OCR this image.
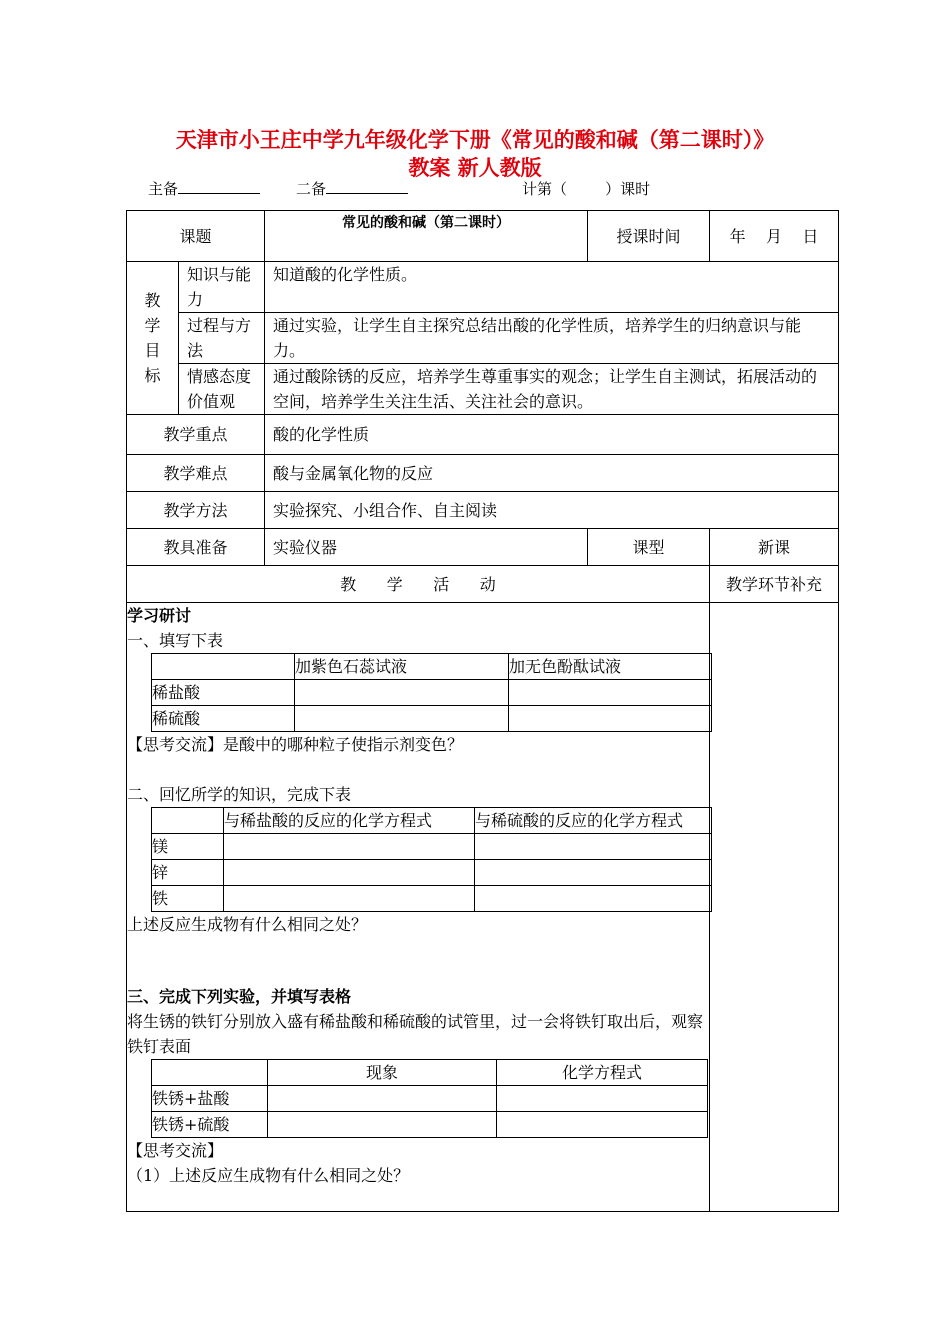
天津市小王庄中学九年级化学下册《常见的酸和碱（第二课时）》
教案 新人教版
主备	二备	计第（        ）课时
课题	常见的酸和碱（第二课时）	授课时间	年    月    日
教学目标	知识与能力	知道酸的化学性质。
过程与方法	通过实验，让学生自主探究总结出酸的化学性质，培养学生的归纳意识与能力。
情感态度价值观	通过酸除锈的反应，培养学生尊重事实的观念；让学生自主测试，拓展活动的空间，培养学生关注生活、关注社会的意识。
教学重点	酸的化学性质
教学难点	酸与金属氧化物的反应
教学方法	实验探究、小组合作、自主阅读
教具准备	实验仪器	课型	新课
教      学      活      动	教学环节补充

学习研讨

一、填写下表

	加紫色石蕊试液	加无色酚酞试液
稀盐酸		
稀硫酸		

【思考交流】是酸中的哪种粒子使指示剂变色？

二、回忆所学的知识，完成下表

	与稀盐酸的反应的化学方程式	与稀硫酸的反应的化学方程式
镁		
锌		
铁		

上述反应生成物有什么相同之处？

三、完成下列实验，并填写表格

将生锈的铁钉分别放入盛有稀盐酸和稀硫酸的试管里，过一会将铁钉取出后，观察铁钉表面

	现象	化学方程式
铁锈+盐酸		
铁锈+硫酸		

【思考交流】

（1）上述反应生成物有什么相同之处？
